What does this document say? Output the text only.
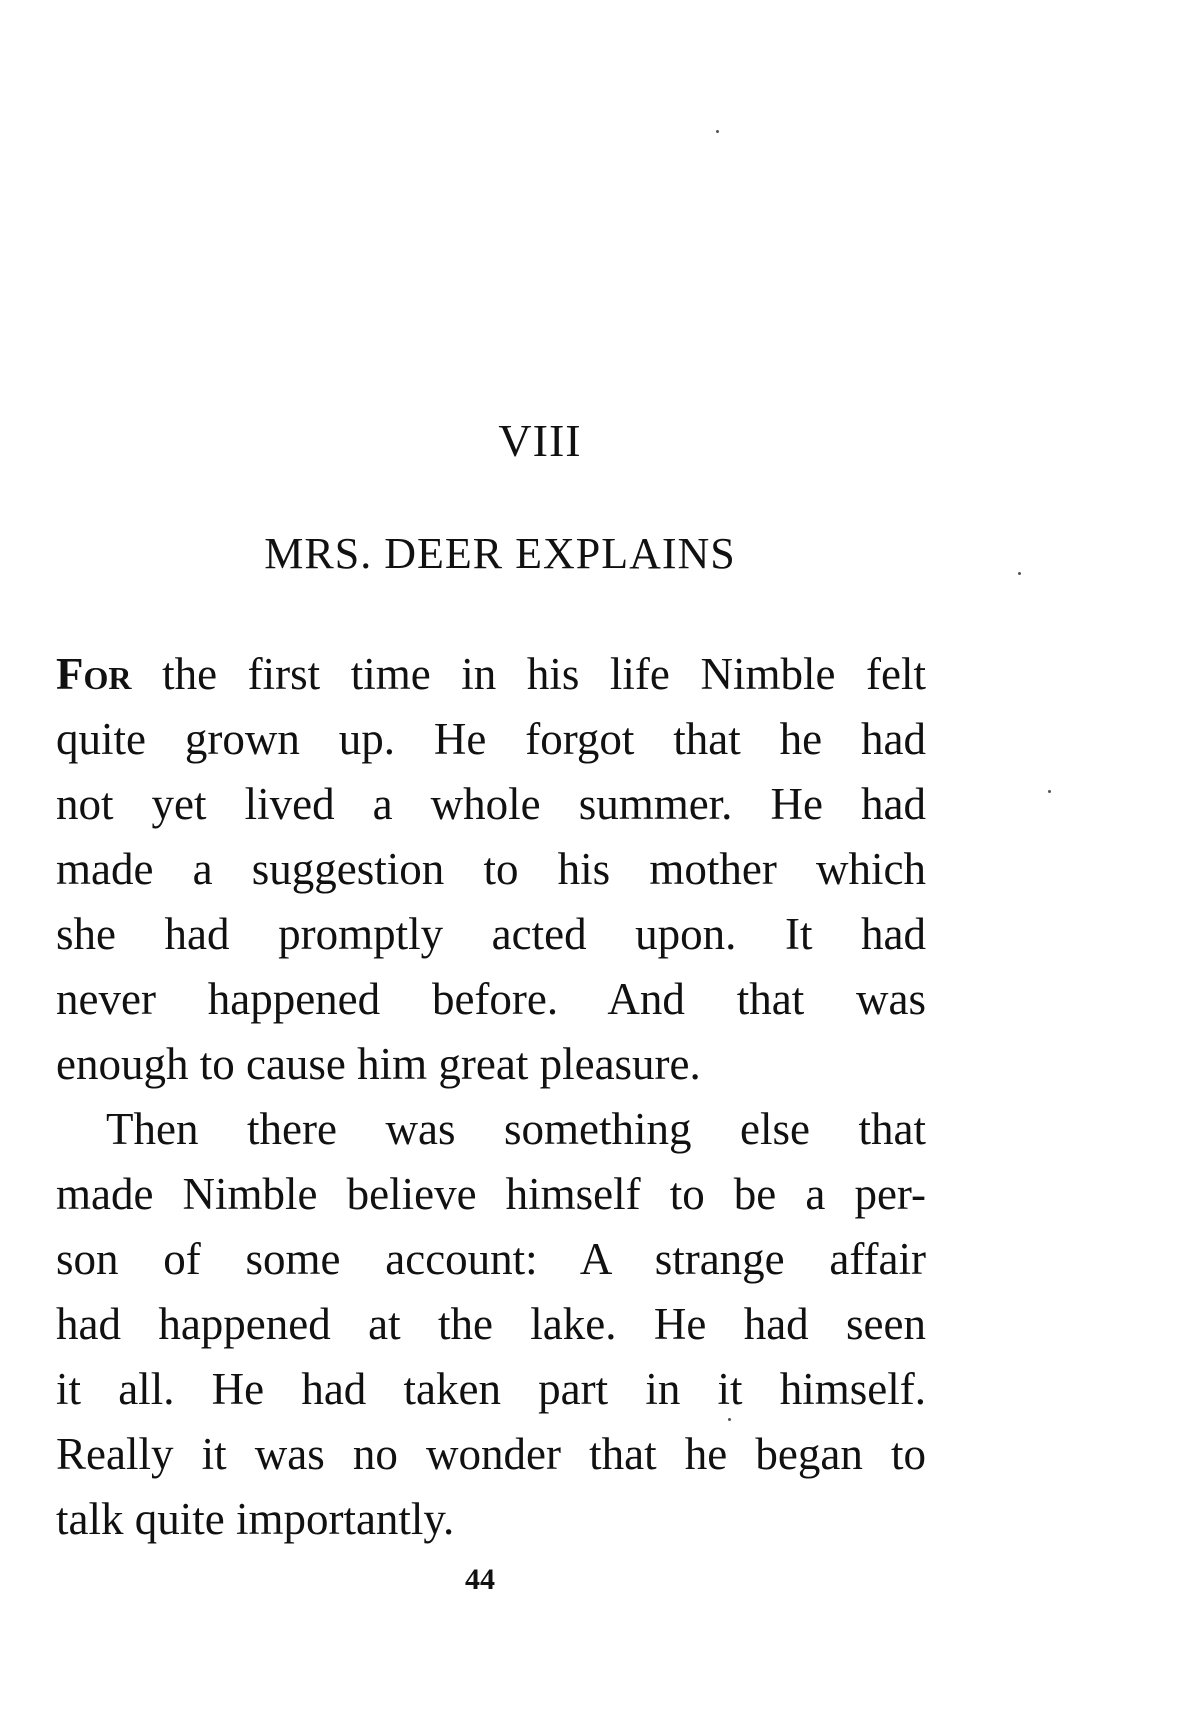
VIII
MRS. DEER EXPLAINS
For the first time in his life Nimble felt
quite grown up. He forgot that he had
not yet lived a whole summer. He had
made a suggestion to his mother which
she had promptly acted upon. It had
never happened before. And that was
enough to cause him great pleasure.
Then there was something else that
made Nimble believe himself to be a per-
son of some account: A strange affair
had happened at the lake. He had seen
it all. He had taken part in it himself.
Really it was no wonder that he began to
talk quite importantly.
44
